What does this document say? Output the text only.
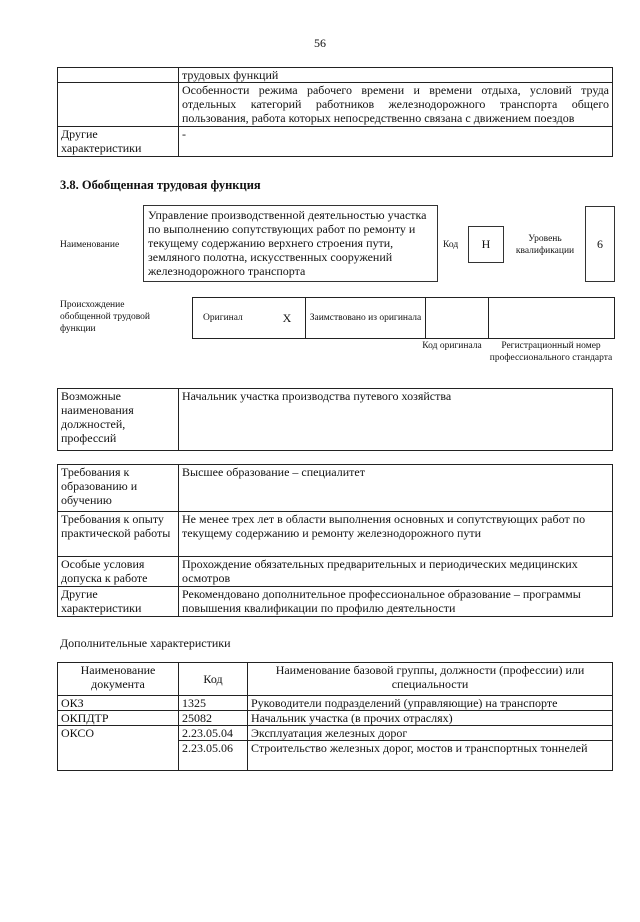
56
	трудовых функций
	Особенности режима рабочего времени и времени отдыха, условий труда отдельных категорий работников железнодорожного транспорта общего пользования, работа которых непосредственно связана с движением поездов
Другие характеристики	-
3.8. Обобщенная трудовая функция
Наименование
Управление производственной деятельностью участка по выполнению сопутствующих работ по ремонту и текущему содержанию верхнего строения пути, земляного полотна, искусственных сооружений железнодорожного транспорта
Код	H	Уровень квалификации	6
Происхождение обобщенной трудовой функции
Оригинал	X	Заимствовано из оригинала		
Код оригинала	Регистрационный номер профессионального стандарта
Возможные наименования должностей, профессий	Начальник участка производства путевого хозяйства
Требования к образованию и обучению	Высшее образование – специалитет
Требования к опыту практической работы	Не менее трех лет в области выполнения основных и сопутствующих работ по текущему содержанию и ремонту железнодорожного пути
Особые условия допуска к работе	Прохождение обязательных предварительных и периодических медицинских осмотров
Другие характеристики	Рекомендовано дополнительное профессиональное образование – программы повышения квалификации по профилю деятельности
Дополнительные характеристики
Наименование документа	Код	Наименование базовой группы, должности (профессии) или специальности
ОКЗ	1325	Руководители подразделений (управляющие) на транспорте
ОКПДТР	25082	Начальник участка (в прочих отраслях)
ОКСО	2.23.05.04	Эксплуатация железных дорог
	2.23.05.06	Строительство железных дорог, мостов и транспортных тоннелей
